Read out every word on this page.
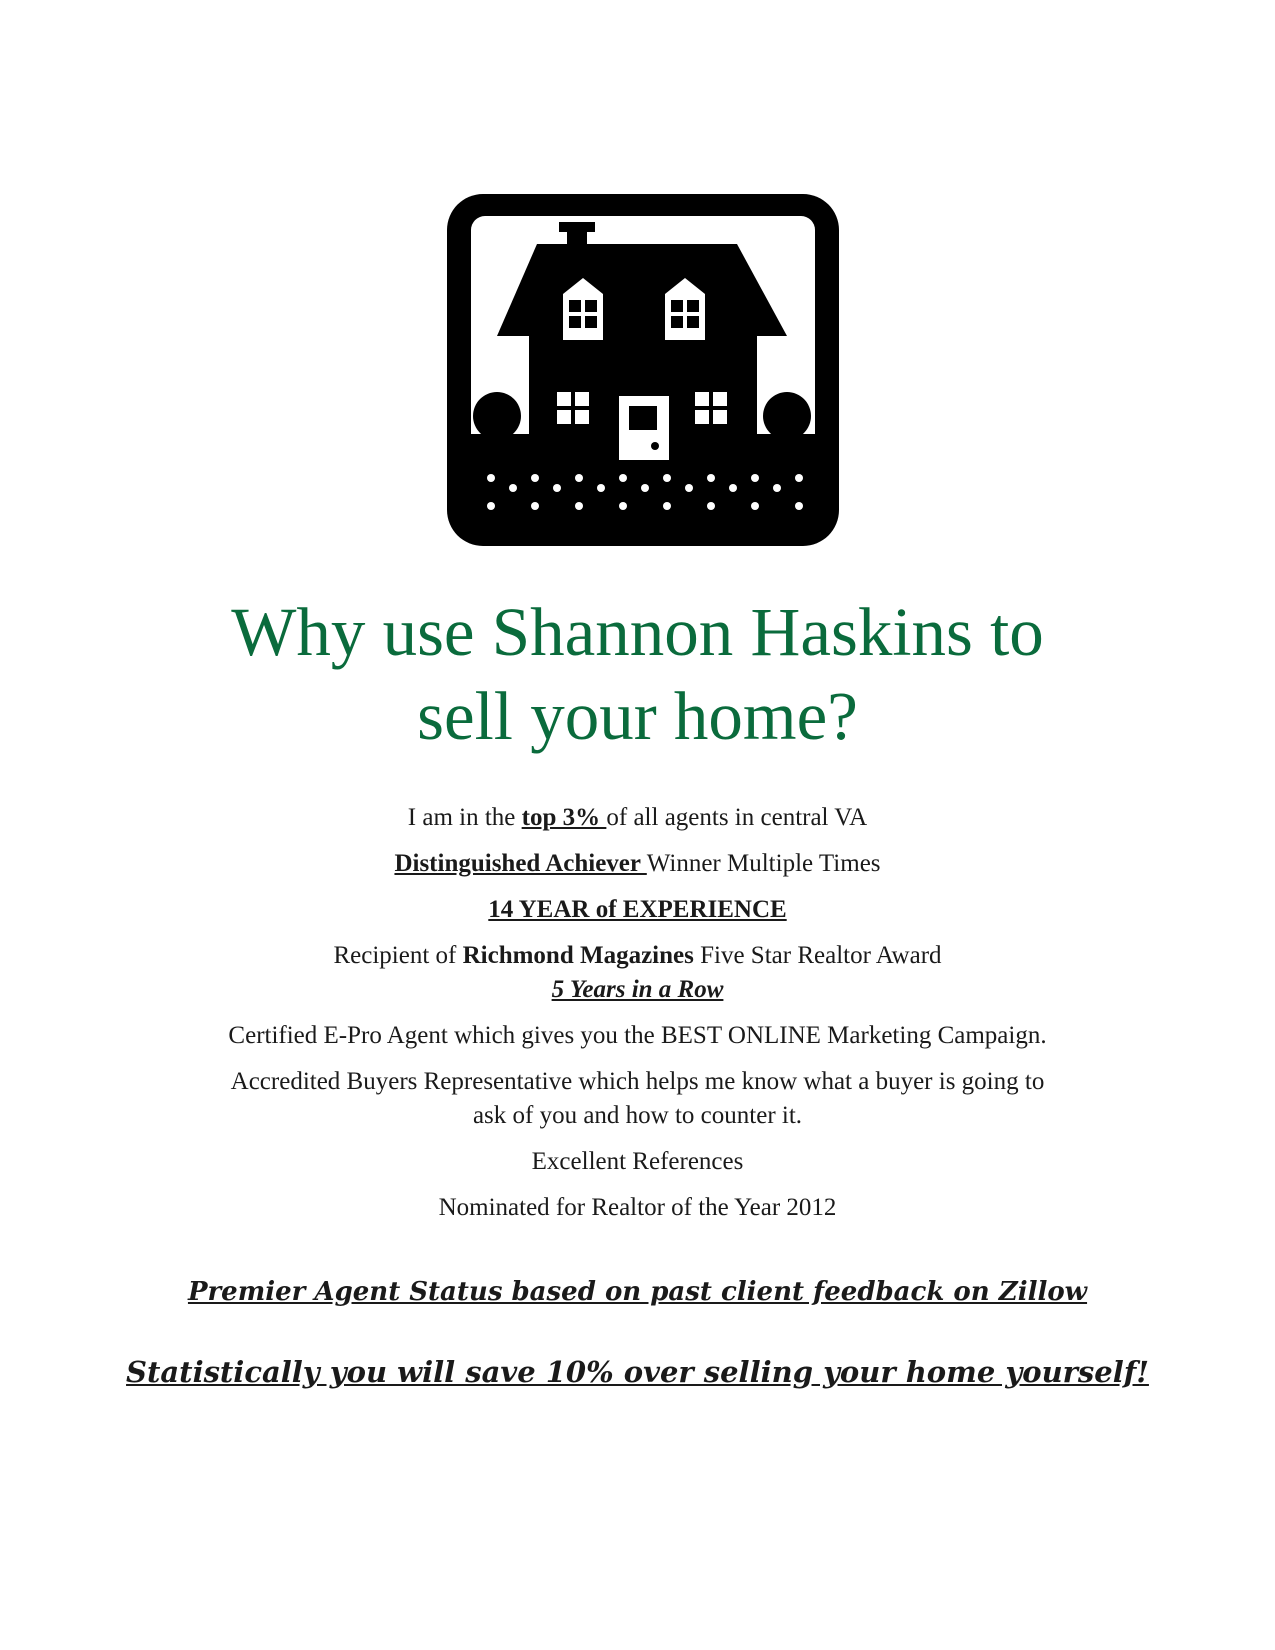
Why use Shannon Haskins to
sell your home?

I am in the top 3% of all agents in central VA

Distinguished Achiever Winner Multiple Times

14 YEAR of EXPERIENCE

Recipient of Richmond Magazines Five Star Realtor Award

5 Years in a Row

Certified E-Pro Agent which gives you the BEST ONLINE Marketing Campaign.

Accredited Buyers Representative which helps me know what a buyer is going to

ask of you and how to counter it.

Excellent References

Nominated for Realtor of the Year 2012

Premier Agent Status based on past client feedback on Zillow

Statistically you will save 10% over selling your home yourself!
